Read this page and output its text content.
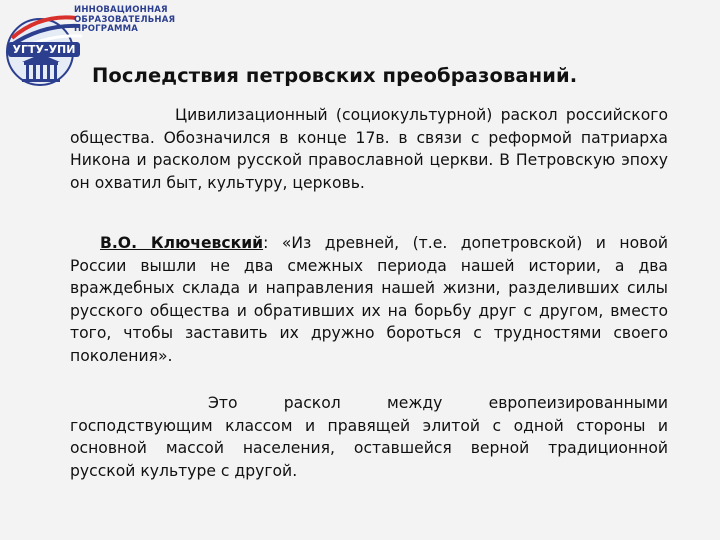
УГТУ-УПИ
ИННОВАЦИОННАЯ
ОБРАЗОВАТЕЛЬНАЯ
ПРОГРАММА
Последствия петровских преобразований.

Цивилизационный (социокультурной) раскол российского общества. Обозначился в конце 17в. в связи с реформой патриарха Никона и расколом русской православной церкви. В Петровскую эпоху он охватил быт, культуру, церковь.

В.О. Ключевский: «Из древней, (т.е. допетровской) и новой России вышли не два смежных периода нашей истории, а два враждебных склада и направления нашей жизни, разделивших силы русского общества и обративших их на борьбу друг с другом, вместо того, чтобы заставить их дружно бороться с трудностями своего поколения».

Это раскол между европеизированными господствующим классом и правящей элитой с одной стороны и основной массой населения, оставшейся верной традиционной русской культуре с другой.
